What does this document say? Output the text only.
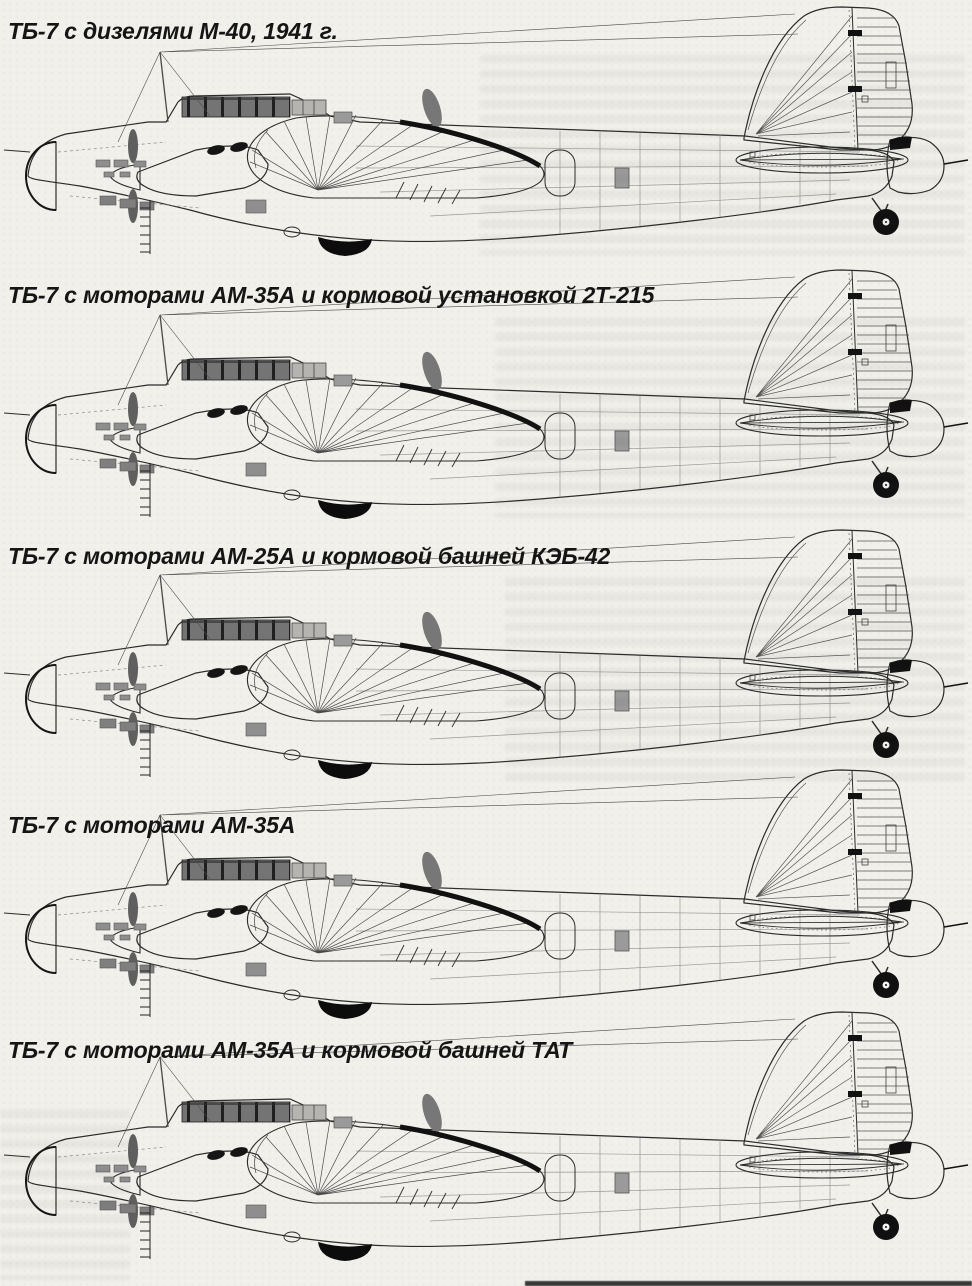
ТБ-7 с дизелями М-40, 1941 г.
ТБ-7 с моторами АМ-35А и кормовой установкой 2Т-215
ТБ-7 с моторами АМ-25А и кормовой башней КЭБ-42
ТБ-7 с моторами АМ-35А
ТБ-7 с моторами АМ-35А и кормовой башней ТАТ
